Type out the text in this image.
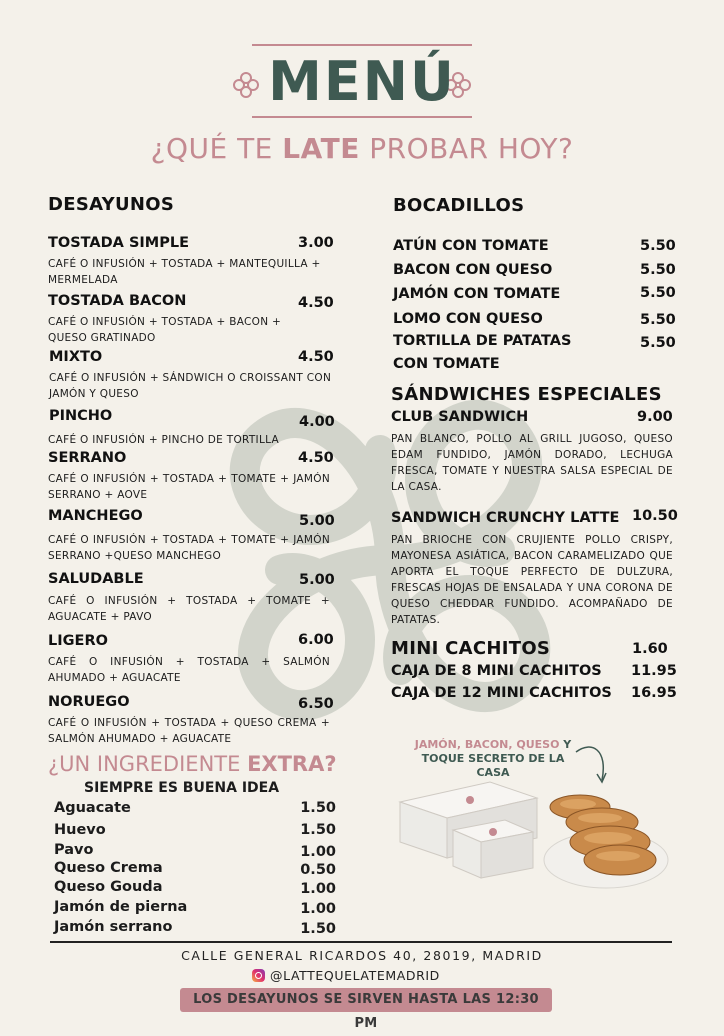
MENÚ
¿QUÉ TE LATE PROBAR HOY?
DESAYUNOS
TOSTADA SIMPLE	3.00
CAFÉ O INFUSIÓN + TOSTADA + MANTEQUILLA + MERMELADA
TOSTADA BACON	4.50
CAFÉ O INFUSIÓN + TOSTADA + BACON + QUESO GRATINADO
MIXTO	4.50
CAFÉ O INFUSIÓN + SÁNDWICH O CROISSANT CON JAMÓN Y QUESO
PINCHO	4.00
CAFÉ O INFUSIÓN + PINCHO DE TORTILLA
SERRANO	4.50
CAFÉ O INFUSIÓN + TOSTADA + TOMATE + JAMÓN SERRANO + AOVE
MANCHEGO	5.00
CAFÉ O INFUSIÓN + TOSTADA + TOMATE + JAMÓN SERRANO +QUESO MANCHEGO
SALUDABLE	5.00
CAFÉ O INFUSIÓN + TOSTADA + TOMATE + AGUACATE + PAVO
LIGERO	6.00
CAFÉ O INFUSIÓN + TOSTADA + SALMÓN AHUMADO + AGUACATE
NORUEGO	6.50
CAFÉ O INFUSIÓN + TOSTADA + QUESO CREMA + SALMÓN AHUMADO + AGUACATE
¿UN INGREDIENTE EXTRA?
SIEMPRE ES BUENA IDEA
Aguacate	1.50
Huevo	1.50
Pavo	1.00
Queso Crema	0.50
Queso Gouda	1.00
Jamón de pierna	1.00
Jamón serrano	1.50
BOCADILLOS
ATÚN CON TOMATE	5.50
BACON CON QUESO	5.50
JAMÓN CON TOMATE	5.50
LOMO CON QUESO	5.50
TORTILLA DE PATATAS
CON TOMATE
5.50
SÁNDWICHES ESPECIALES
CLUB SANDWICH	9.00
PAN BLANCO, POLLO AL GRILL JUGOSO, QUESO EDAM FUNDIDO, JAMÓN DORADO, LECHUGA FRESCA, TOMATE Y NUESTRA SALSA ESPECIAL DE LA CASA.
SANDWICH CRUNCHY LATTE 10.50
PAN BRIOCHE CON CRUJIENTE POLLO CRISPY, MAYONESA ASIÁTICA, BACON CARAMELIZADO QUE APORTA EL TOQUE PERFECTO DE DULZURA, FRESCAS HOJAS DE ENSALADA Y UNA CORONA DE QUESO CHEDDAR FUNDIDO. ACOMPAÑADO DE PATATAS.
MINI CACHITOS	1.60
CAJA DE 8 MINI CACHITOS 11.95
CAJA DE 12 MINI CACHITOS 16.95
JAMÓN, BACON, QUESO Y TOQUE SECRETO DE LA CASA
CALLE GENERAL RICARDOS 40, 28019, MADRID
@LATTEQUELATEMADRID
LOS DESAYUNOS SE SIRVEN HASTA LAS 12:30 PM
